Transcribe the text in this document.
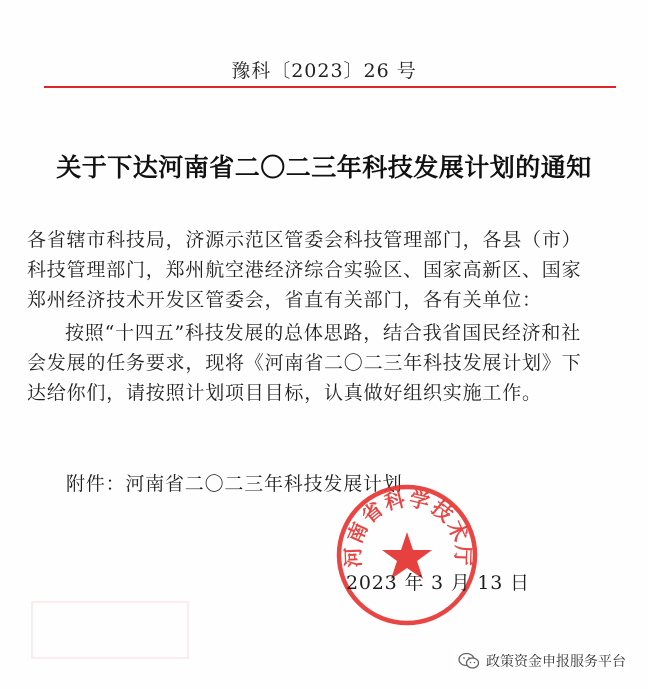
豫科〔2023〕26 号
关于下达河南省二〇二三年科技发展计划的通知
各省辖市科技局，济源示范区管委会科技管理部门，各县（市）
科技管理部门，郑州航空港经济综合实验区、国家高新区、国家
郑州经济技术开发区管委会，省直有关部门，各有关单位：
按照“十四五”科技发展的总体思路，结合我省国民经济和社
会发展的任务要求，现将《河南省二〇二三年科技发展计划》下
达给你们，请按照计划项目目标，认真做好组织实施工作。
附件：河南省二〇二三年科技发展计划
河南省科学技术厅
2023 年 3 月 13 日
政策资金申报服务平台
